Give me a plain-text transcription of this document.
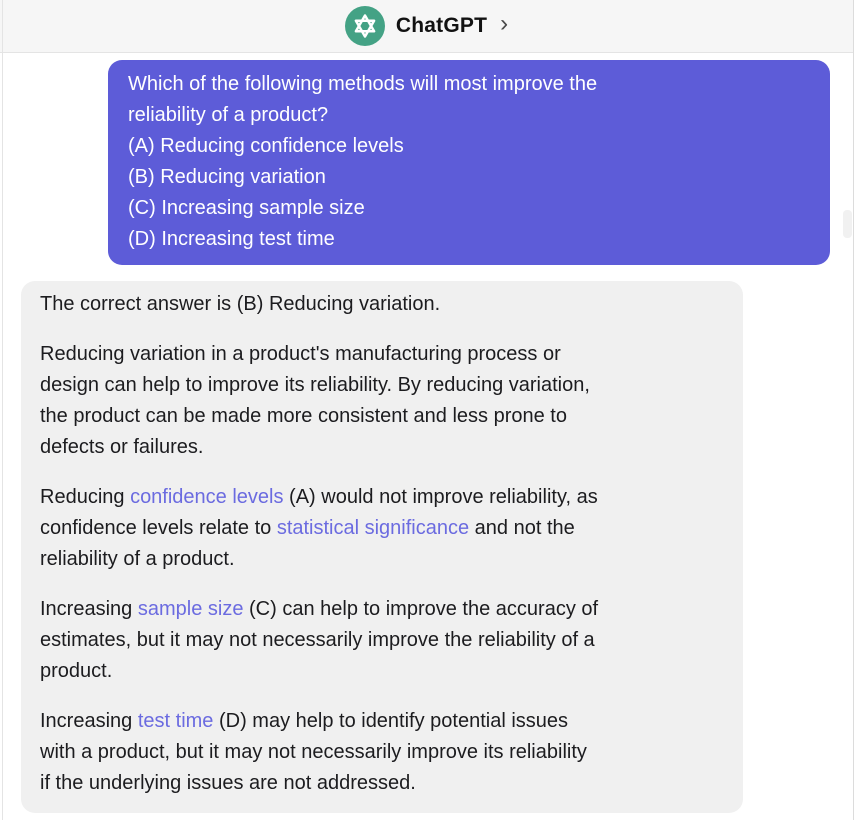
ChatGPT ›
Which of the following methods will most improve the
reliability of a product?
(A) Reducing confidence levels
(B) Reducing variation
(C) Increasing sample size
(D) Increasing test time
The correct answer is (B) Reducing variation.
Reducing variation in a product's manufacturing process or
design can help to improve its reliability. By reducing variation,
the product can be made more consistent and less prone to
defects or failures.
Reducing confidence levels (A) would not improve reliability, as
confidence levels relate to statistical significance and not the
reliability of a product.
Increasing sample size (C) can help to improve the accuracy of
estimates, but it may not necessarily improve the reliability of a
product.
Increasing test time (D) may help to identify potential issues
with a product, but it may not necessarily improve its reliability
if the underlying issues are not addressed.
